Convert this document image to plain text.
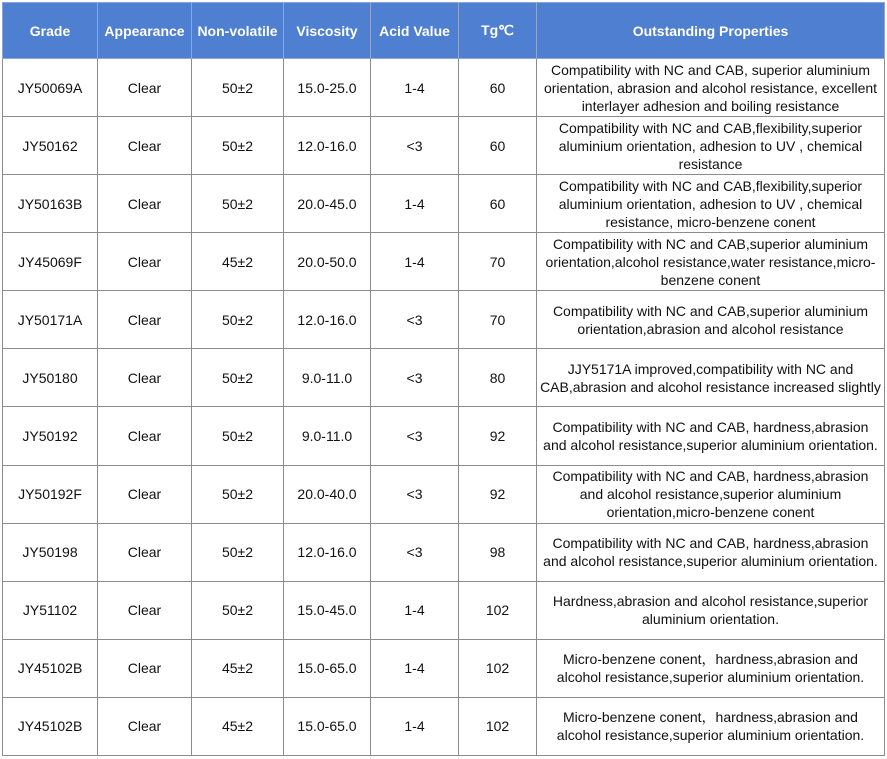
Grade	Appearance	Non-volatile	Viscosity	Acid Value	Tg℃	Outstanding Properties
JY50069A	Clear	50±2	15.0-25.0	1-4	60	Compatibility with NC and CAB, superior aluminium orientation, abrasion and alcohol resistance, excellent interlayer adhesion and boiling resistance
JY50162	Clear	50±2	12.0-16.0	<3	60	Compatibility with NC and CAB,flexibility,superior aluminium orientation, adhesion to UV , chemical resistance
JY50163B	Clear	50±2	20.0-45.0	1-4	60	Compatibility with NC and CAB,flexibility,superior aluminium orientation, adhesion to UV , chemical resistance, micro-benzene conent
JY45069F	Clear	45±2	20.0-50.0	1-4	70	Compatibility with NC and CAB,superior aluminium orientation,alcohol resistance,water resistance,micro-benzene conent
JY50171A	Clear	50±2	12.0-16.0	<3	70	Compatibility with NC and CAB,superior aluminium orientation,abrasion and alcohol resistance
JY50180	Clear	50±2	9.0-11.0	<3	80	JJY5171A improved,compatibility with NC and CAB,abrasion and alcohol resistance increased slightly
JY50192	Clear	50±2	9.0-11.0	<3	92	Compatibility with NC and CAB, hardness,abrasion and alcohol resistance,superior aluminium orientation.
JY50192F	Clear	50±2	20.0-40.0	<3	92	Compatibility with NC and CAB, hardness,abrasion and alcohol resistance,superior aluminium orientation,micro-benzene conent
JY50198	Clear	50±2	12.0-16.0	<3	98	Compatibility with NC and CAB, hardness,abrasion and alcohol resistance,superior aluminium orientation.
JY51102	Clear	50±2	15.0-45.0	1-4	102	Hardness,abrasion and alcohol resistance,superior aluminium orientation.
JY45102B	Clear	45±2	15.0-65.0	1-4	102	Micro-benzene conent，hardness,abrasion and alcohol resistance,superior aluminium orientation.
JY45102B	Clear	45±2	15.0-65.0	1-4	102	Micro-benzene conent，hardness,abrasion and alcohol resistance,superior aluminium orientation.
